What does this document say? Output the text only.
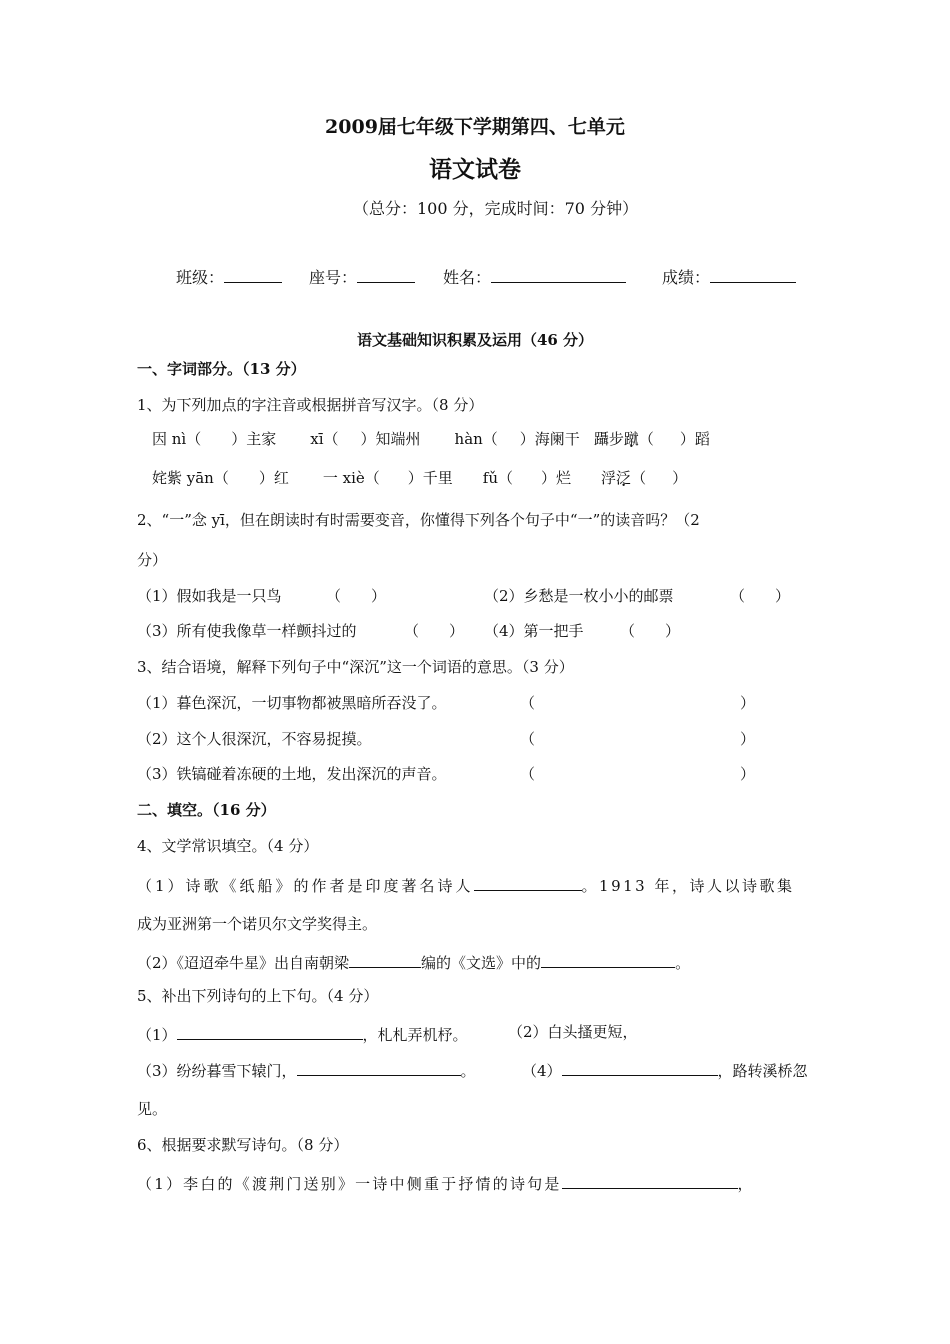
2009届七年级下学期第四、七单元
语文试卷
（总分：100 分，完成时间：70 分钟）
班级：	座号：	姓名：	成绩：
语文基础知识积累及运用（46 分）
一、字词部分。（13 分）
1、为下列加点的字注音或根据拼音写汉字。（8 分）
因 nì（ ）主家 xī（ ）知端州 hàn（ ）海阑干 躡步蹴（ ）蹈
姹紫 yān（ ）红 一 xiè（ ）千里 fǔ（ ）烂 浮泛（ ）
2、“一”念 yī，但在朗读时有时需要变音，你懂得下列各个句子中“一”的读音吗？（2
分）
（1）假如我是一只鸟	（　　）	（2）乡愁是一枚小小的邮票	（　　）
（3）所有使我像草一样颤抖过的	（　　） （4）第一把手 （　　）
3、结合语境，解释下列句子中“深沉”这一个词语的意思。（3 分）
（1）暮色深沉，一切事物都被黑暗所吞没了。	（	）
（2）这个人很深沉，不容易捉摸。	（	）
（3）铁镐碰着冻硬的土地，发出深沉的声音。	（	）
二、填空。（16 分）
4、文学常识填空。（4 分）
（1）诗歌《纸船》的作者是印度著名诗人	。1913 年，诗人以诗歌集
成为亚洲第一个诺贝尔文学奖得主。
（2）《迢迢牵牛星》出自南朝梁	编的《文选》中的	。
5、补出下列诗句的上下句。（4 分）
（1）	，札札弄机杼。	（2）白头搔更短，
（3）纷纷暮雪下辕门，	。	（4）	，路转溪桥忽
见。
6、根据要求默写诗句。（8 分）
（1）李白的《渡荆门送别》一诗中侧重于抒情的诗句是	，
